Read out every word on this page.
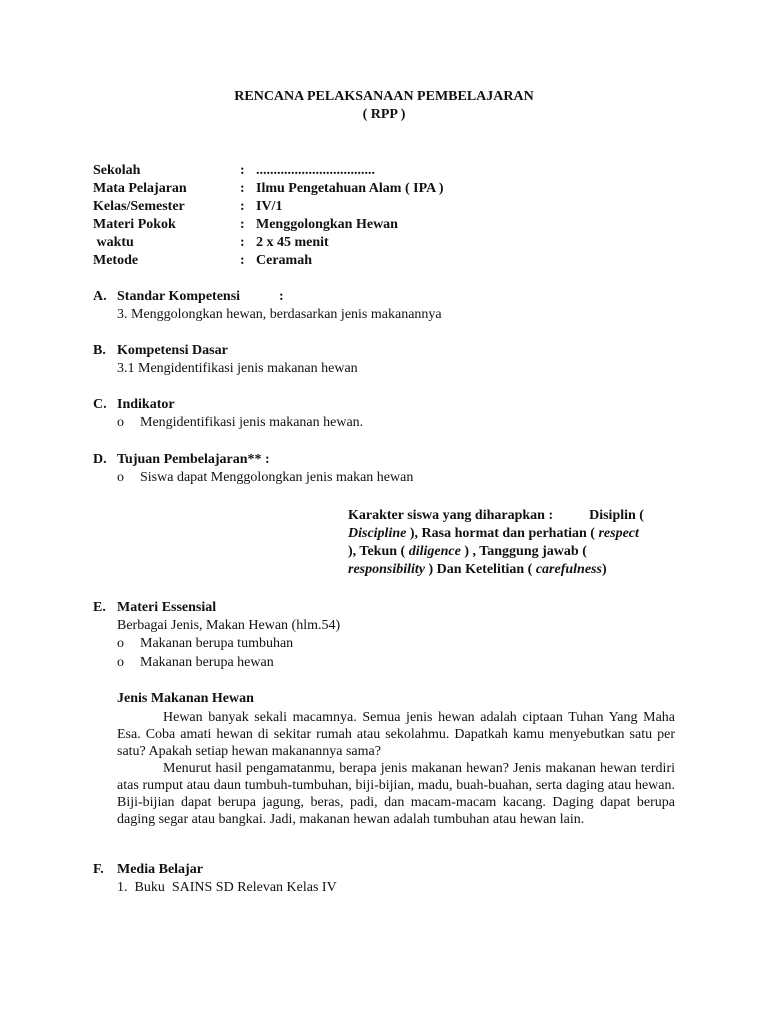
RENCANA PELAKSANAAN PEMBELAJARAN
( RPP )
Sekolah	: ..................................
Mata Pelajaran	: Ilmu Pengetahuan Alam ( IPA )
Kelas/Semester	: IV/1
Materi Pokok	: Menggolongkan Hewan
waktu	: 2 x 45 menit
Metode	: Ceramah
A. Standar Kompetensi	:
3. Menggolongkan hewan, berdasarkan jenis makanannya
B. Kompetensi Dasar
3.1 Mengidentifikasi jenis makanan hewan
C. Indikator
o Mengidentifikasi jenis makanan hewan.
D. Tujuan Pembelajaran** :
o Siswa dapat Menggolongkan jenis makan hewan
Karakter siswa yang diharapkan :	Disiplin (
Discipline ), Rasa hormat dan perhatian ( respect
), Tekun ( diligence ) , Tanggung jawab (
responsibility ) Dan Ketelitian ( carefulness)
E. Materi Essensial
Berbagai Jenis, Makan Hewan (hlm.54)
o Makanan berupa tumbuhan
o Makanan berupa hewan
Jenis Makanan Hewan
Hewan banyak sekali macamnya. Semua jenis hewan adalah ciptaan Tuhan Yang Maha Esa. Coba amati hewan di sekitar rumah atau sekolahmu. Dapatkah kamu menyebutkan satu per satu? Apakah setiap hewan makanannya sama?
Menurut hasil pengamatanmu, berapa jenis makanan hewan? Jenis makanan hewan terdiri atas rumput atau daun tumbuh-tumbuhan, biji-bijian, madu, buah-buahan, serta daging atau hewan. Biji-bijian dapat berupa jagung, beras, padi, dan macam-macam kacang. Daging dapat berupa daging segar atau bangkai. Jadi, makanan hewan adalah tumbuhan atau hewan lain.
F. Media Belajar
1.  Buku  SAINS SD Relevan Kelas IV
